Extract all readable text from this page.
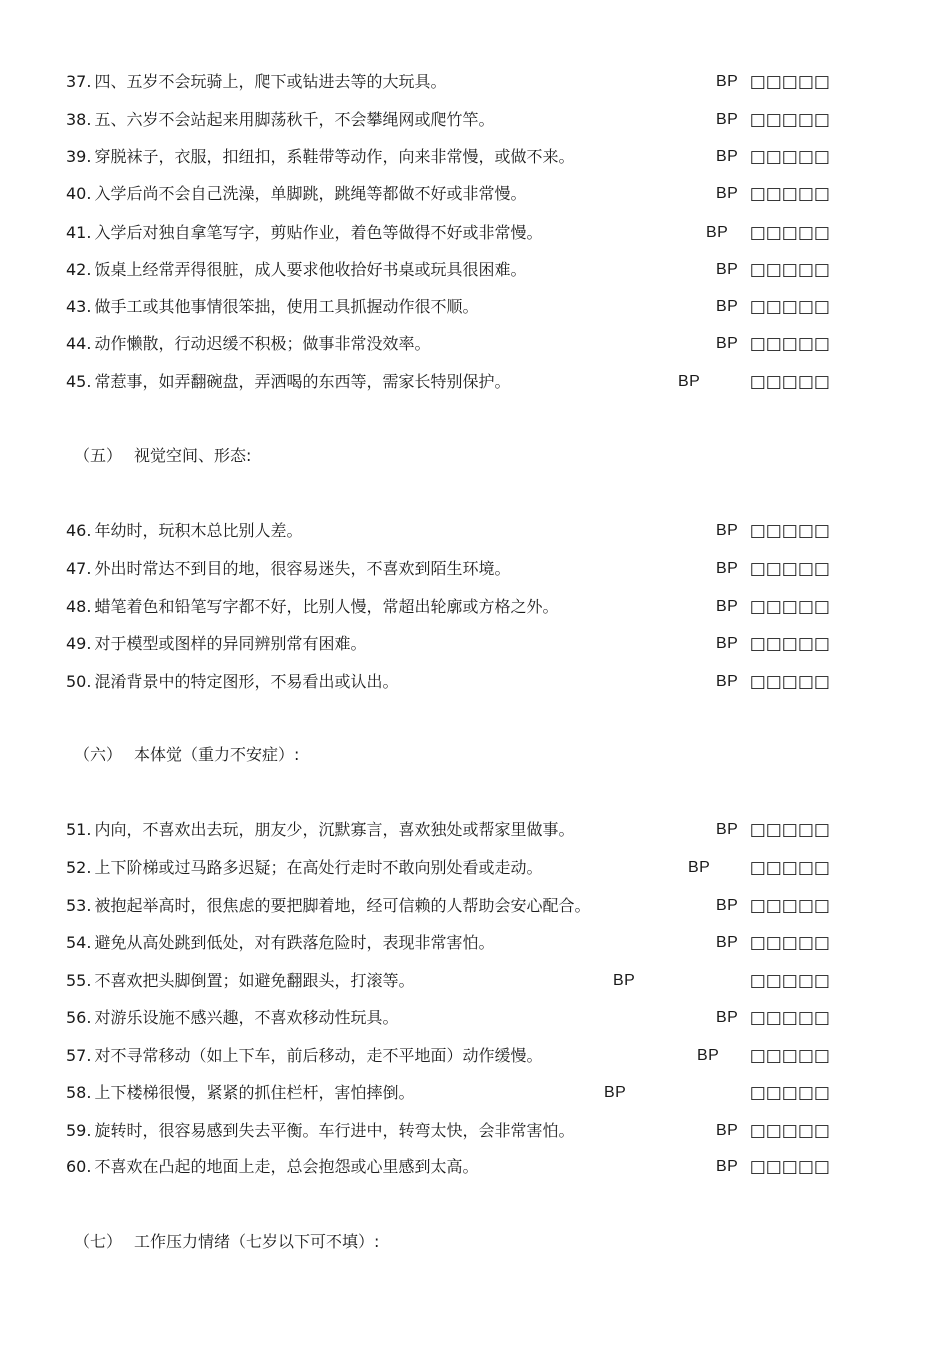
37. 四、五岁不会玩骑上，爬下或钻进去等的大玩具。	BP □□□□□
38. 五、六岁不会站起来用脚荡秋千，不会攀绳网或爬竹竿。	BP □□□□□
39. 穿脱袜子，衣服，扣纽扣，系鞋带等动作，向来非常慢，或做不来。	BP □□□□□
40. 入学后尚不会自己洗澡，单脚跳，跳绳等都做不好或非常慢。	BP □□□□□
41. 入学后对独自拿笔写字，剪贴作业，着色等做得不好或非常慢。	BP □□□□□
42. 饭桌上经常弄得很脏，成人要求他收拾好书桌或玩具很困难。	BP □□□□□
43. 做手工或其他事情很笨拙，使用工具抓握动作很不顺。	BP □□□□□
44. 动作懒散，行动迟缓不积极；做事非常没效率。	BP □□□□□
45. 常惹事，如弄翻碗盘，弄洒喝的东西等，需家长特别保护。	BP	□□□□□
（五） 视觉空间、形态:
46. 年幼时，玩积木总比别人差。	BP □□□□□
47. 外出时常达不到目的地，很容易迷失，不喜欢到陌生环境。	BP □□□□□
48. 蜡笔着色和铅笔写字都不好，比别人慢，常超出轮廓或方格之外。	BP □□□□□
49. 对于模型或图样的异同辨别常有困难。	BP □□□□□
50. 混淆背景中的特定图形，不易看出或认出。	BP □□□□□
（六） 本体觉（重力不安症）:
51. 内向，不喜欢出去玩，朋友少，沉默寡言，喜欢独处或帮家里做事。	BP □□□□□
52. 上下阶梯或过马路多迟疑；在高处行走时不敢向别处看或走动。	BP □□□□□
53. 被抱起举高时，很焦虑的要把脚着地，经可信赖的人帮助会安心配合。	BP □□□□□
54. 避免从高处跳到低处，对有跌落危险时，表现非常害怕。	BP □□□□□
55. 不喜欢把头脚倒置；如避免翻跟头，打滚等。	BP	□□□□□
56. 对游乐设施不感兴趣，不喜欢移动性玩具。	BP □□□□□
57. 对不寻常移动（如上下车，前后移动，走不平地面）动作缓慢。	BP □□□□□
58. 上下楼梯很慢，紧紧的抓住栏杆，害怕摔倒。	BP	□□□□□
59. 旋转时，很容易感到失去平衡。车行进中，转弯太快，会非常害怕。	BP □□□□□
60. 不喜欢在凸起的地面上走，总会抱怨或心里感到太高。	BP □□□□□
（七） 工作压力情绪（七岁以下可不填）:
